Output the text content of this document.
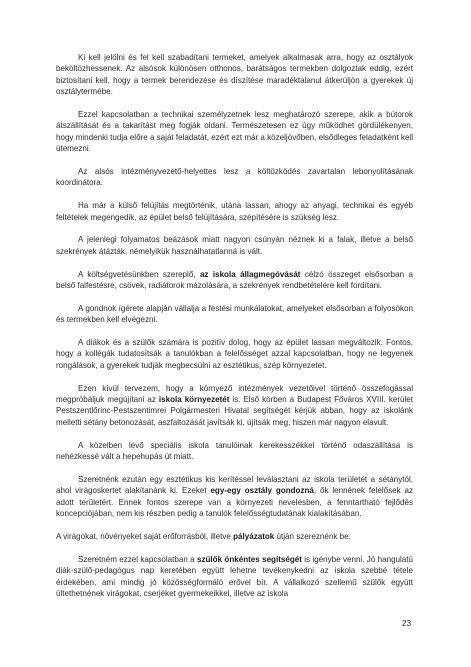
Ki kell jelölni és fel kell szabadítani termeket, amelyek alkalmasak arra, hogy az osztályok beköltözhessenek. Az alsósok különösen otthonos, barátságos termekben dolgoztak eddig, ezért biztosítani kell, hogy a termek berendezése és díszítése maradéktalanul átkerüljön a gyerekek új osztálytermébe.

Ezzel kapcsolatban a technikai személyzetnek lesz meghatározó szerepe, akik a bútorok átszállítását és a takarítást meg fogják oldani. Természetesen ez úgy működhet gördülékenyen, hogy mindenki tudja előre a saját feladatát, ezért ezt már a közeljövőben, elsődleges feladatként kell ütemezni.

Az alsós intézményvezető-helyettes lesz a költözködés zavartalan lebonyolításának koordinátora.

Ha már a külső felújítás megtörténik, utána lassan, ahogy az anyagi, technikai és egyéb feltételek megengedik, az épület belső felújítására, szépítésére is szükség lesz.

A jelenlegi folyamatos beázások miatt nagyon csúnyán néznek ki a falak, illetve a belső szekrények átázták, némelyikük használhatatlanná is vált.

A költségvetésünkben szereplő, az iskola állagmegóvását célzó összeget elsősorban a belső falfestésre, csövek, radiátorok mázolására, a szekrények rendbetételére kell fordítani.

A gondnok ígérete alapján vállalja a festési munkálatokat, amelyeket elsősorban a folyosókon és termekben kell elvégezni.

A diákok és a szülők számára is pozitív dolog, hogy az épület lassan megváltozik. Fontos, hogy a kollégák tudatosítsák a tanulókban a felelősséget azzal kapcsolatban, hogy ne legyenek rongálások, a gyerekek tudják megbecsülni az esztétikus, szép környezetet.

Ezen kívül tervezem, hogy a környező intézmények vezetőivel történő összefogással megpróbáljuk megújítani az iskola környezetét is. Első körben a Budapest Főváros XVIII. kerület Pestszentlőrinc-Pestszentimrei Polgármesteri Hivatal segítségét kérjük abban, hogy az iskolánk melletti sétány betonozását, aszfaltozását javítsák ki, újítsák meg, hiszen már nagyon elavult.

A közelben lévő speciális iskola tanulóinak kerekesszékkel történő odaszállítása is nehézkessé vált a hepehupás út miatt.

Szeretnénk ezután egy esztétikus kis kerítéssel leválasztani az iskola területét a sétánytól, ahol virágoskertet alakítanánk ki. Ezeket egy-egy osztály gondozná, ők lennének felelősek az adott területért. Ennek fontos szerepe van a környezeti nevelésben, a fenntartható fejlődés koncepciójában, nem kis részben pedig a tanulók felelősségtudatának kialakításában.

A virágokat, növényeket saját erőforrásból, illetve pályázatok útján szereznénk be.

Szeretném ezzel kapcsolatban a szülők önkéntes segítségét is igénybe venni. Jó hangulatú diák-szülő-pedagógus nap keretében együtt lehetne tevékenykedni az iskola szebbé tétele érdekében, ami mindig jó közösségformáló erővel bír. A vállalkozó szellemű szülők együtt ültethetnének virágokat, cserjéket gyermekeikkel, illetve az iskola

23
